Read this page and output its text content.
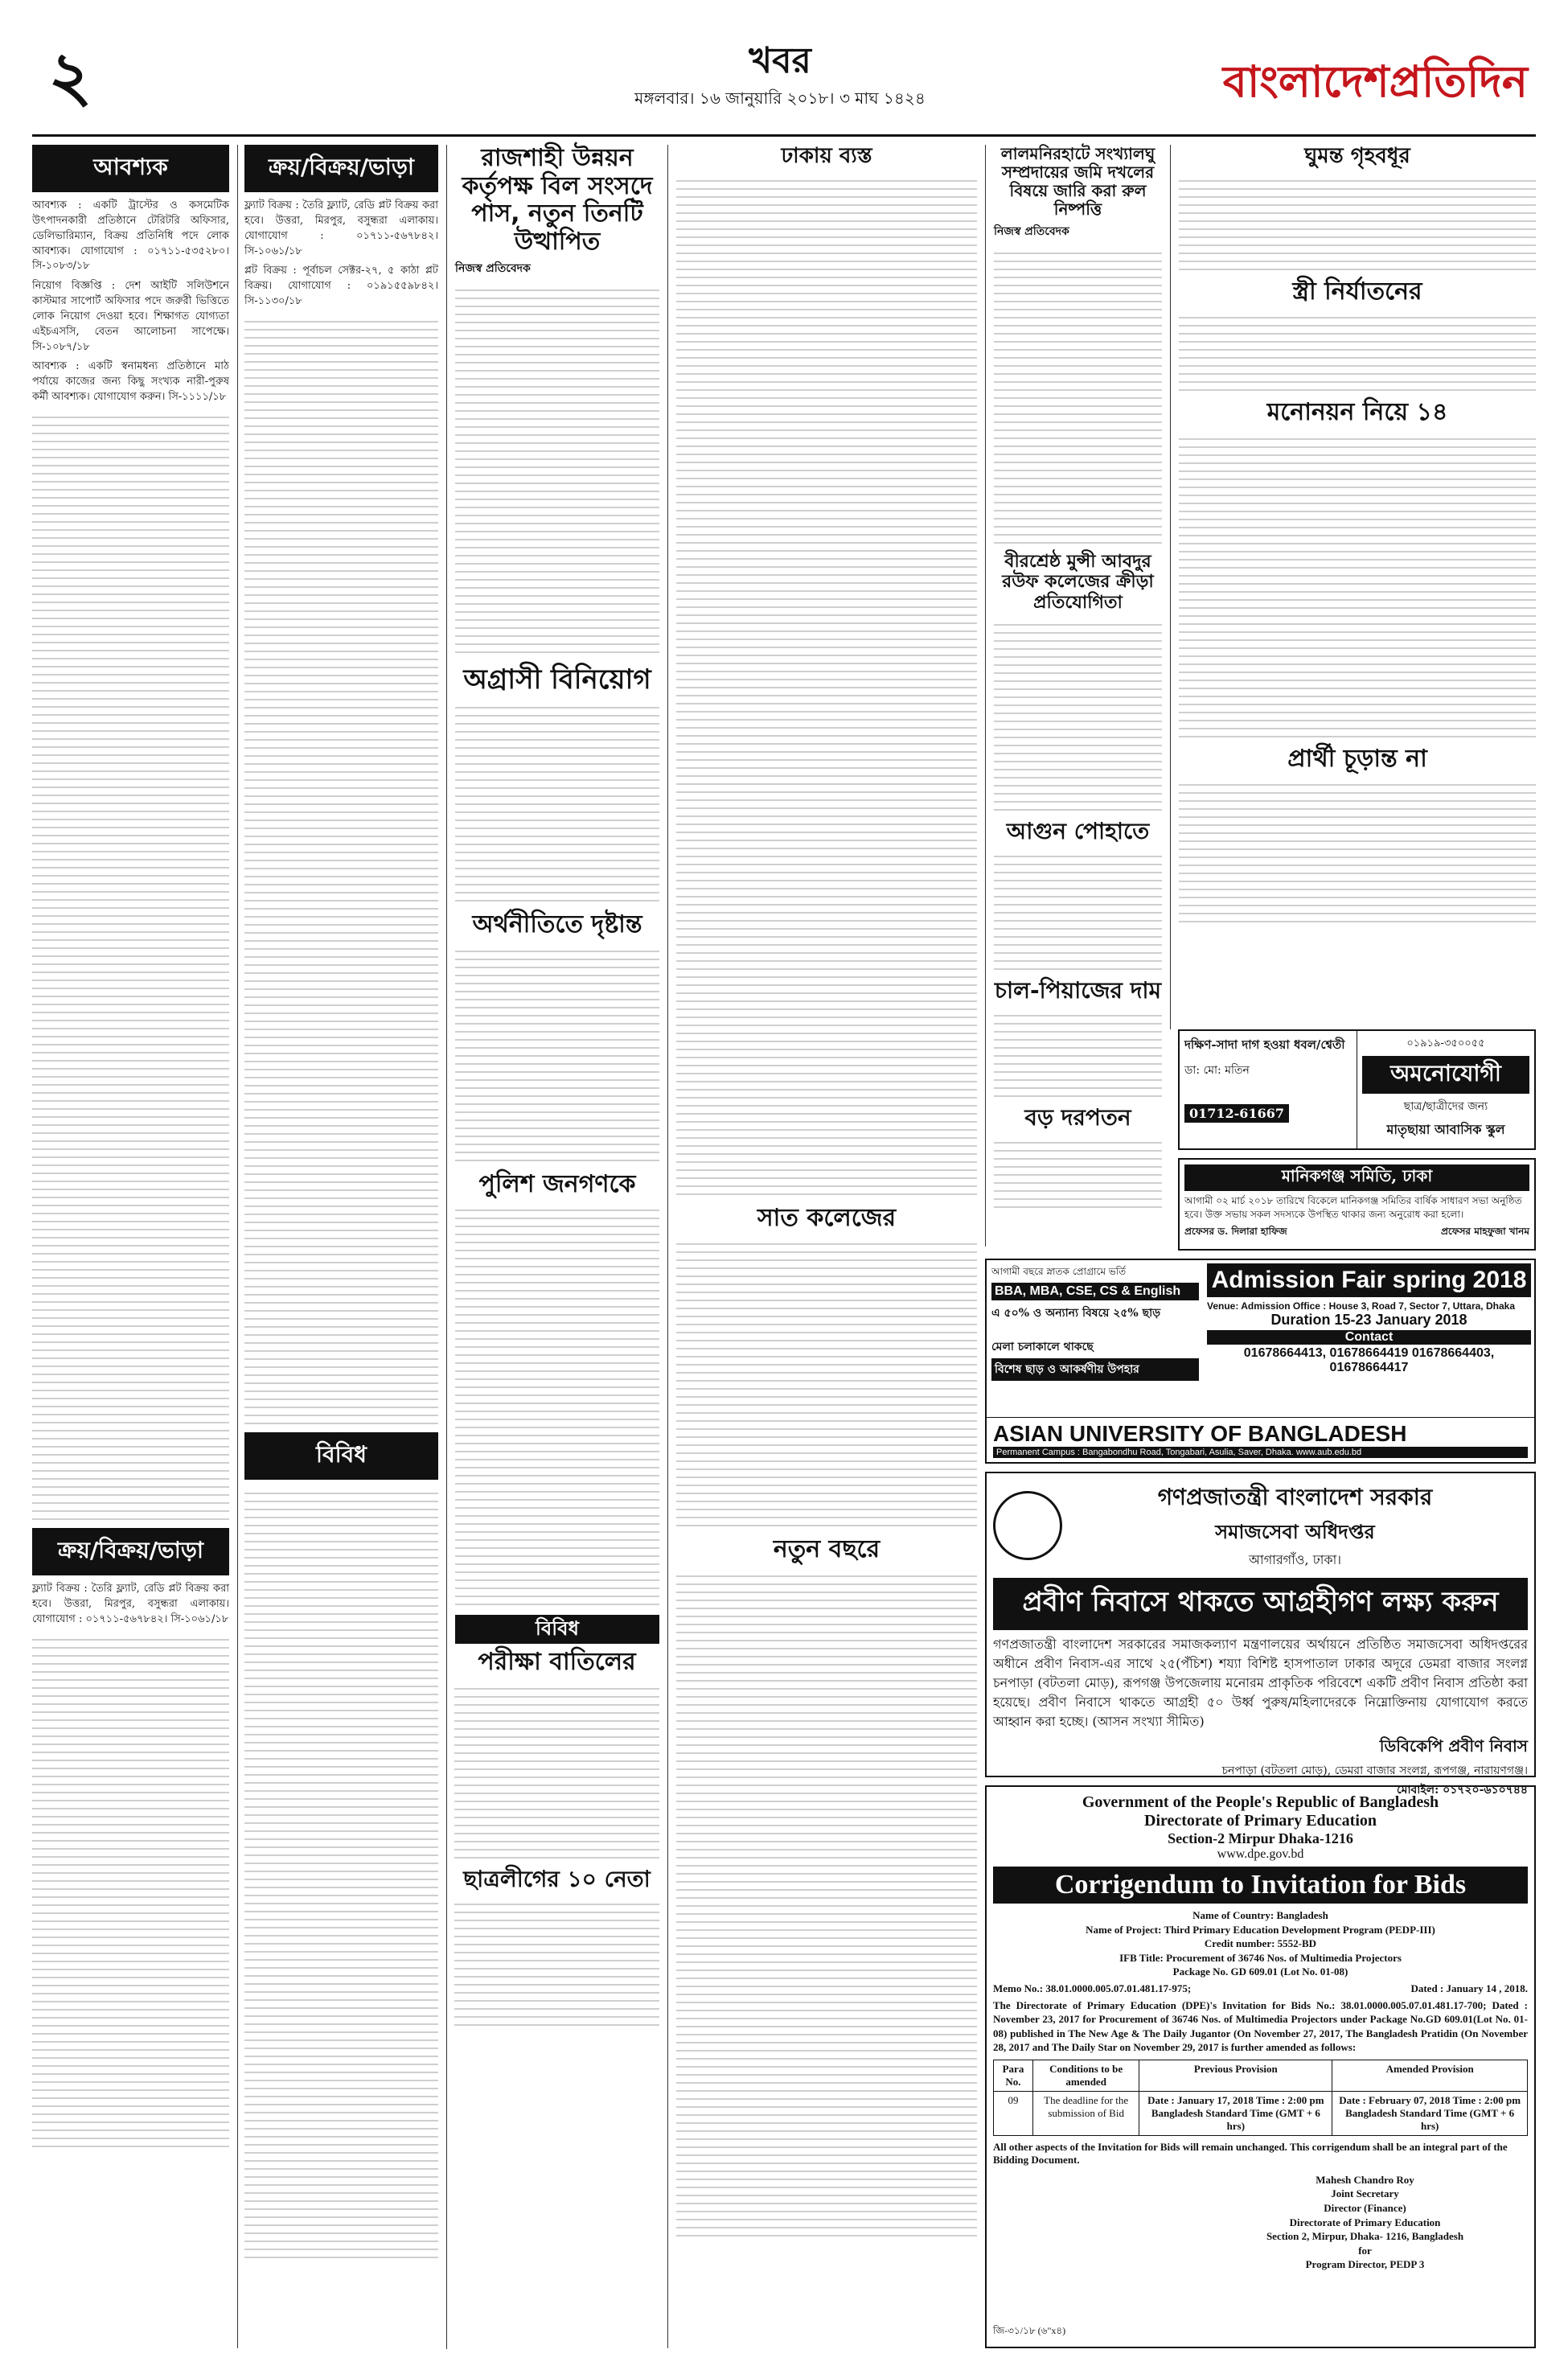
২	খবর
মঙ্গলবার। ১৬ জানুয়ারি ২০১৮। ৩ মাঘ ১৪২৪	বাংলাদেশপ্রতিদিন
আবশ্যক

আবশ্যক : একটি ট্রাস্টের ও কসমেটিক উৎপাদনকারী প্রতিষ্ঠানে টেরিটরি অফিসার, ডেলিভারিম্যান, বিক্রয় প্রতিনিধি পদে লোক আবশ্যক। যোগাযোগ : ০১৭১১-৫৩৫২৮০। সি-১০৮৩/১৮

নিয়োগ বিজ্ঞপ্তি : দেশ আইটি সলিউশনে কাস্টমার সাপোর্ট অফিসার পদে জরুরী ভিত্তিতে লোক নিয়োগ দেওয়া হবে। শিক্ষাগত যোগ্যতা এইচএসসি, বেতন আলোচনা সাপেক্ষে। সি-১০৮৭/১৮

আবশ্যক : একটি স্বনামধন্য প্রতিষ্ঠানে মাঠ পর্যায়ে কাজের জন্য কিছু সংখ্যক নারী-পুরুষ কর্মী আবশ্যক। যোগাযোগ করুন। সি-১১১১/১৮

ক্রয়/বিক্রয়/ভাড়া

ফ্ল্যাট বিক্রয় : তৈরি ফ্ল্যাট, রেডি প্লট বিক্রয় করা হবে। উত্তরা, মিরপুর, বসুন্ধরা এলাকায়। যোগাযোগ : ০১৭১১-৫৬৭৮৪২। সি-১০৬১/১৮

ক্রয়/বিক্রয়/ভাড়া

ফ্ল্যাট বিক্রয় : তৈরি ফ্ল্যাট, রেডি প্লট বিক্রয় করা হবে। উত্তরা, মিরপুর, বসুন্ধরা এলাকায়। যোগাযোগ : ০১৭১১-৫৬৭৮৪২। সি-১০৬১/১৮

প্লট বিক্রয় : পূর্বাচল সেক্টর-২৭, ৫ কাঠা প্লট বিক্রয়। যোগাযোগ : ০১৯১৫৫৯৮৪২। সি-১১৩০/১৮

বিবিধ
রাজশাহী উন্নয়ন কর্তৃপক্ষ বিল সংসদে পাস, নতুন তিনটি উত্থাপিত
নিজস্ব প্রতিবেদক
অগ্রাসী বিনিয়োগ
অর্থনীতিতে দৃষ্টান্ত
পুলিশ জনগণকে
বিবিধ
ঢাকায় ব্যস্ত
সাত কলেজের
নতুন বছরে
লালমনিরহাটে সংখ্যালঘু সম্প্রদায়ের জমি দখলের বিষয়ে জারি করা রুল নিষ্পত্তি
নিজস্ব প্রতিবেদক
বীরশ্রেষ্ঠ মুন্সী আবদুর রউফ কলেজের ক্রীড়া প্রতিযোগিতা
আগুন পোহাতে
চাল-পিয়াজের দাম
বড় দরপতন
ঘুমন্ত গৃহবধূর
স্ত্রী নির্যাতনের
মনোনয়ন নিয়ে ১৪
প্রার্থী চূড়ান্ত না
দক্ষিণ-সাদা দাগ হওয়া ধবল/শ্বেতী
ডা: মো: মতিন
01712-61667
০১৯১৯-৩৫০০৫৫
অমনোযোগী
ছাত্র/ছাত্রীদের জন্য
মাতৃছায়া আবাসিক স্কুল
মানিকগঞ্জ সমিতি, ঢাকা
আগামী ০২ মার্চ ২০১৮ তারিখে বিকেলে মানিকগঞ্জ সমিতির বার্ষিক সাধারণ সভা অনুষ্ঠিত হবে। উক্ত সভায় সকল সদস্যকে উপস্থিত থাকার জন্য অনুরোধ করা হলো।
প্রফেসর ড. দিলারা হাফিজ	প্রফেসর মাহফুজা খানম
আগামী বছরে স্নাতক প্রোগ্রামে ভর্তি
BBA, MBA, CSE, CS & English
এ ৫০% ও অন্যান্য বিষয়ে ২৫% ছাড়
মেলা চলাকালে থাকছে
বিশেষ ছাড় ও আকর্ষণীয় উপহার
Admission Fair spring 2018
Venue: Admission Office : House 3, Road 7, Sector 7, Uttara, Dhaka
Duration 15-23 January 2018
Contact
01678664413, 01678664419 01678664403, 01678664417
ASIAN UNIVERSITY OF BANGLADESH
Permanent Campus : Bangabondhu Road, Tongabari, Asulia, Saver, Dhaka. www.aub.edu.bd
গণপ্রজাতন্ত্রী বাংলাদেশ সরকার
সমাজসেবা অধিদপ্তর
আগারগাঁও, ঢাকা।
প্রবীণ নিবাসে থাকতে আগ্রহীগণ লক্ষ্য করুন
গণপ্রজাতন্ত্রী বাংলাদেশ সরকারের সমাজকল্যাণ মন্ত্রণালয়ের অর্থায়নে প্রতিষ্ঠিত সমাজসেবা অধিদপ্তরের অধীনে প্রবীণ নিবাস-এর সাথে ২৫(পঁচিশ) শয্যা বিশিষ্ট হাসপাতাল ঢাকার অদূরে ডেমরা বাজার সংলগ্ন চনপাড়া (বটতলা মোড়), রূপগঞ্জ উপজেলায় মনোরম প্রাকৃতিক পরিবেশে একটি প্রবীণ নিবাস প্রতিষ্ঠা করা হয়েছে। প্রবীণ নিবাসে থাকতে আগ্রহী ৫০ উর্ধ্ব পুরুষ/মহিলাদেরকে নিম্নোক্তিনায় যোগাযোগ করতে আহ্বান করা হচ্ছে। (আসন সংখ্যা সীমিত)
ডিবিকেপি প্রবীণ নিবাস
চনপাড়া (বটতলা মোড়), ডেমরা বাজার সংলগ্ন, রূপগঞ্জ, নারায়ণগঞ্জ।
মোবাইল: ০১৭২০-৬১০৭৪৪
Government of the People's Republic of Bangladesh
Directorate of Primary Education
Section-2 Mirpur Dhaka-1216
www.dpe.gov.bd
Corrigendum to Invitation for Bids
Name of Country: Bangladesh
Name of Project: Third Primary Education Development Program (PEDP-III)
Credit number: 5552-BD
IFB Title: Procurement of 36746 Nos. of Multimedia Projectors
Package No. GD 609.01 (Lot No. 01-08)
Memo No.: 38.01.0000.005.07.01.481.17-975;	Dated : January 14 , 2018.
The Directorate of Primary Education (DPE)'s Invitation for Bids No.: 38.01.0000.005.07.01.481.17-700; Dated : November 23, 2017 for Procurement of 36746 Nos. of Multimedia Projectors under Package No.GD 609.01(Lot No. 01-08) published in The New Age & The Daily Jugantor (On November 27, 2017, The Bangladesh Pratidin (On November 28, 2017 and The Daily Star on November 29, 2017 is further amended as follows:
Para No.	Conditions to be amended	Previous Provision	Amended Provision
09	The deadline for the submission of Bid	Date : January 17, 2018 Time : 2:00 pm Bangladesh Standard Time (GMT + 6 hrs)	Date : February 07, 2018 Time : 2:00 pm Bangladesh Standard Time (GMT + 6 hrs)
All other aspects of the Invitation for Bids will remain unchanged. This corrigendum shall be an integral part of the Bidding Document.
Mahesh Chandro Roy
Joint Secretary
Director (Finance)
Directorate of Primary Education
Section 2, Mirpur, Dhaka- 1216, Bangladesh
for
Program Director, PEDP 3
জি-৩১/১৮ (৬"x৪)
পরীক্ষা বাতিলের
ছাত্রলীগের ১০ নেতা
